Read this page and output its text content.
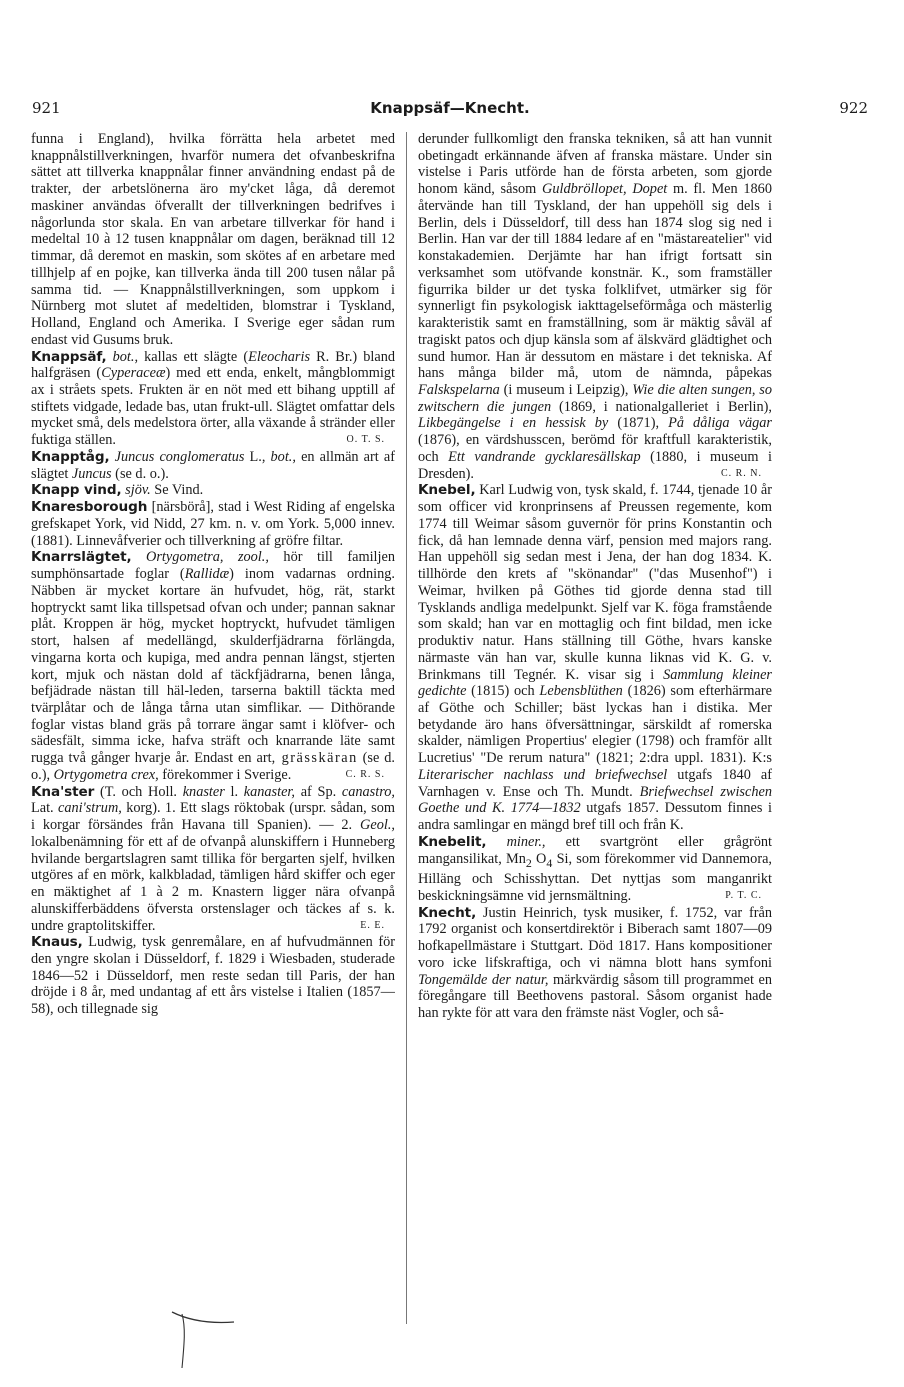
921	Knappsäf—Knecht.	922

funna i England), hvilka förrätta hela arbetet med knappnålstillverkningen, hvarför numera det ofvanbeskrifna sättet att tillverka knappnålar finner användning endast på de trakter, der arbetslönerna äro my'cket låga, då deremot maskiner användas öfverallt der tillverkningen bedrifves i någorlunda stor skala. En van arbetare tillverkar för hand i medeltal 10 à 12 tusen knappnålar om dagen, beräknad till 12 timmar, då deremot en maskin, som skötes af en arbetare med tillhjelp af en pojke, kan tillverka ända till 200 tusen nålar på samma tid. — Knappnålstillverkningen, som uppkom i Nürnberg mot slutet af medeltiden, blomstrar i Tyskland, Holland, England och Amerika. I Sverige eger sådan rum endast vid Gusums bruk.

Knappsäf, bot., kallas ett slägte (Eleocharis R. Br.) bland halfgräsen (Cyperaceæ) med ett enda, enkelt, mångblommigt ax i stråets spets. Frukten är en nöt med ett bihang upptill af stiftets vidgade, ledade bas, utan frukt-ull. Slägtet omfattar dels mycket små, dels medelstora örter, alla växande å stränder eller fuktiga ställen.	O. T. S.

Knapptåg, Juncus conglomeratus L., bot., en allmän art af slägtet Juncus (se d. o.).

Knapp vind, sjöv. Se Vind.

Knaresborough [närsbörå], stad i West Riding af engelska grefskapet York, vid Nidd, 27 km. n. v. om York. 5,000 innev. (1881). Linnevåfverier och tillverkning af gröfre filtar.

Knarrslägtet, Ortygometra, zool., hör till familjen sumphönsartade foglar (Rallidæ) inom vadarnas ordning. Näbben är mycket kortare än hufvudet, hög, rät, starkt hoptryckt samt lika tillspetsad ofvan och under; pannan saknar plåt. Kroppen är hög, mycket hoptryckt, hufvudet tämligen stort, halsen af medellängd, skulderfjädrarna förlängda, vingarna korta och kupiga, med andra pennan längst, stjerten kort, mjuk och nästan dold af täckfjädrarna, benen långa, befjädrade nästan till häl-leden, tarserna baktill täckta med tvärplåtar och de långa tårna utan simflikar. — Dithörande foglar vistas bland gräs på torrare ängar samt i klöfver- och sädesfält, simma icke, hafva sträft och knarrande läte samt rugga två gånger hvarje år. Endast en art, grässkäran (se d. o.), Ortygometra crex, förekommer i Sverige.	C. R. S.

Kna'ster (T. och Holl. knaster l. kanaster, af Sp. canastro, Lat. cani'strum, korg). 1. Ett slags röktobak (urspr. sådan, som i korgar försändes från Havana till Spanien). — 2. Geol., lokalbenämning för ett af de ofvanpå alunskiffern i Hunneberg hvilande bergartslagren samt tillika för bergarten sjelf, hvilken utgöres af en mörk, kalkbladad, tämligen hård skiffer och eger en mäktighet af 1 à 2 m. Knastern ligger nära ofvanpå alunskifferbäddens öfversta orstenslager och täckes af s. k. undre graptolitskiffer.	E. E.

Knaus, Ludwig, tysk genremålare, en af hufvudmännen för den yngre skolan i Düsseldorf, f. 1829 i Wiesbaden, studerade 1846—52 i Düsseldorf, men reste sedan till Paris, der han dröjde i 8 år, med undantag af ett års vistelse i Italien (1857—58), och tillegnade sig

derunder fullkomligt den franska tekniken, så att han vunnit obetingadt erkännande äfven af franska mästare. Under sin vistelse i Paris utförde han de första arbeten, som gjorde honom känd, såsom Guldbröllopet, Dopet m. fl. Men 1860 återvände han till Tyskland, der han uppehöll sig dels i Berlin, dels i Düsseldorf, till dess han 1874 slog sig ned i Berlin. Han var der till 1884 ledare af en "mästareatelier" vid konstakademien. Derjämte har han ifrigt fortsatt sin verksamhet som utöfvande konstnär. K., som framställer figurrika bilder ur det tyska folklifvet, utmärker sig för synnerligt fin psykologisk iakttagelseförmåga och mästerlig karakteristik samt en framställning, som är mäktig såväl af tragiskt patos och djup känsla som af älskvärd glädtighet och sund humor. Han är dessutom en mästare i det tekniska. Af hans många bilder må, utom de nämnda, påpekas Falskspelarna (i museum i Leipzig), Wie die alten sungen, so zwitschern die jungen (1869, i nationalgalleriet i Berlin), Likbegängelse i en hessisk by (1871), På dåliga vägar (1876), en värdshusscen, berömd för kraftfull karakteristik, och Ett vandrande gycklaresällskap (1880, i museum i Dresden).	C. R. N.

Knebel, Karl Ludwig von, tysk skald, f. 1744, tjenade 10 år som officer vid kronprinsens af Preussen regemente, kom 1774 till Weimar såsom guvernör för prins Konstantin och fick, då han lemnade denna värf, pension med majors rang. Han uppehöll sig sedan mest i Jena, der han dog 1834. K. tillhörde den krets af "skönandar" ("das Musenhof") i Weimar, hvilken på Göthes tid gjorde denna stad till Tysklands andliga medelpunkt. Sjelf var K. föga framstående som skald; han var en mottaglig och fint bildad, men icke produktiv natur. Hans ställning till Göthe, hvars kanske närmaste vän han var, skulle kunna liknas vid K. G. v. Brinkmans till Tegnér. K. visar sig i Sammlung kleiner gedichte (1815) och Lebensblüthen (1826) som efterhärmare af Göthe och Schiller; bäst lyckas han i distika. Mer betydande äro hans öfversättningar, särskildt af romerska skalder, nämligen Propertius' elegier (1798) och framför allt Lucretius' "De rerum natura" (1821; 2:dra uppl. 1831). K:s Literarischer nachlass und briefwechsel utgafs 1840 af Varnhagen v. Ense och Th. Mundt. Briefwechsel zwischen Goethe und K. 1774—1832 utgafs 1857. Dessutom finnes i andra samlingar en mängd bref till och från K.

Knebelit, miner., ett svartgrönt eller grågrönt mangansilikat, $Mn_2$ $O_4$ Si, som förekommer vid Dannemora, Hilläng och Schisshyttan. Det nyttjas som manganrikt beskickningsämne vid jernsmältning.	P. T. C.

Knecht, Justin Heinrich, tysk musiker, f. 1752, var från 1792 organist och konsertdirektör i Biberach samt 1807—09 hofkapellmästare i Stuttgart. Död 1817. Hans kompositioner voro icke lifskraftiga, och vi nämna blott hans symfoni Tongemälde der natur, märkvärdig såsom till programmet en föregångare till Beethovens pastoral. Såsom organist hade han rykte för att vara den främste näst Vogler, och så-
